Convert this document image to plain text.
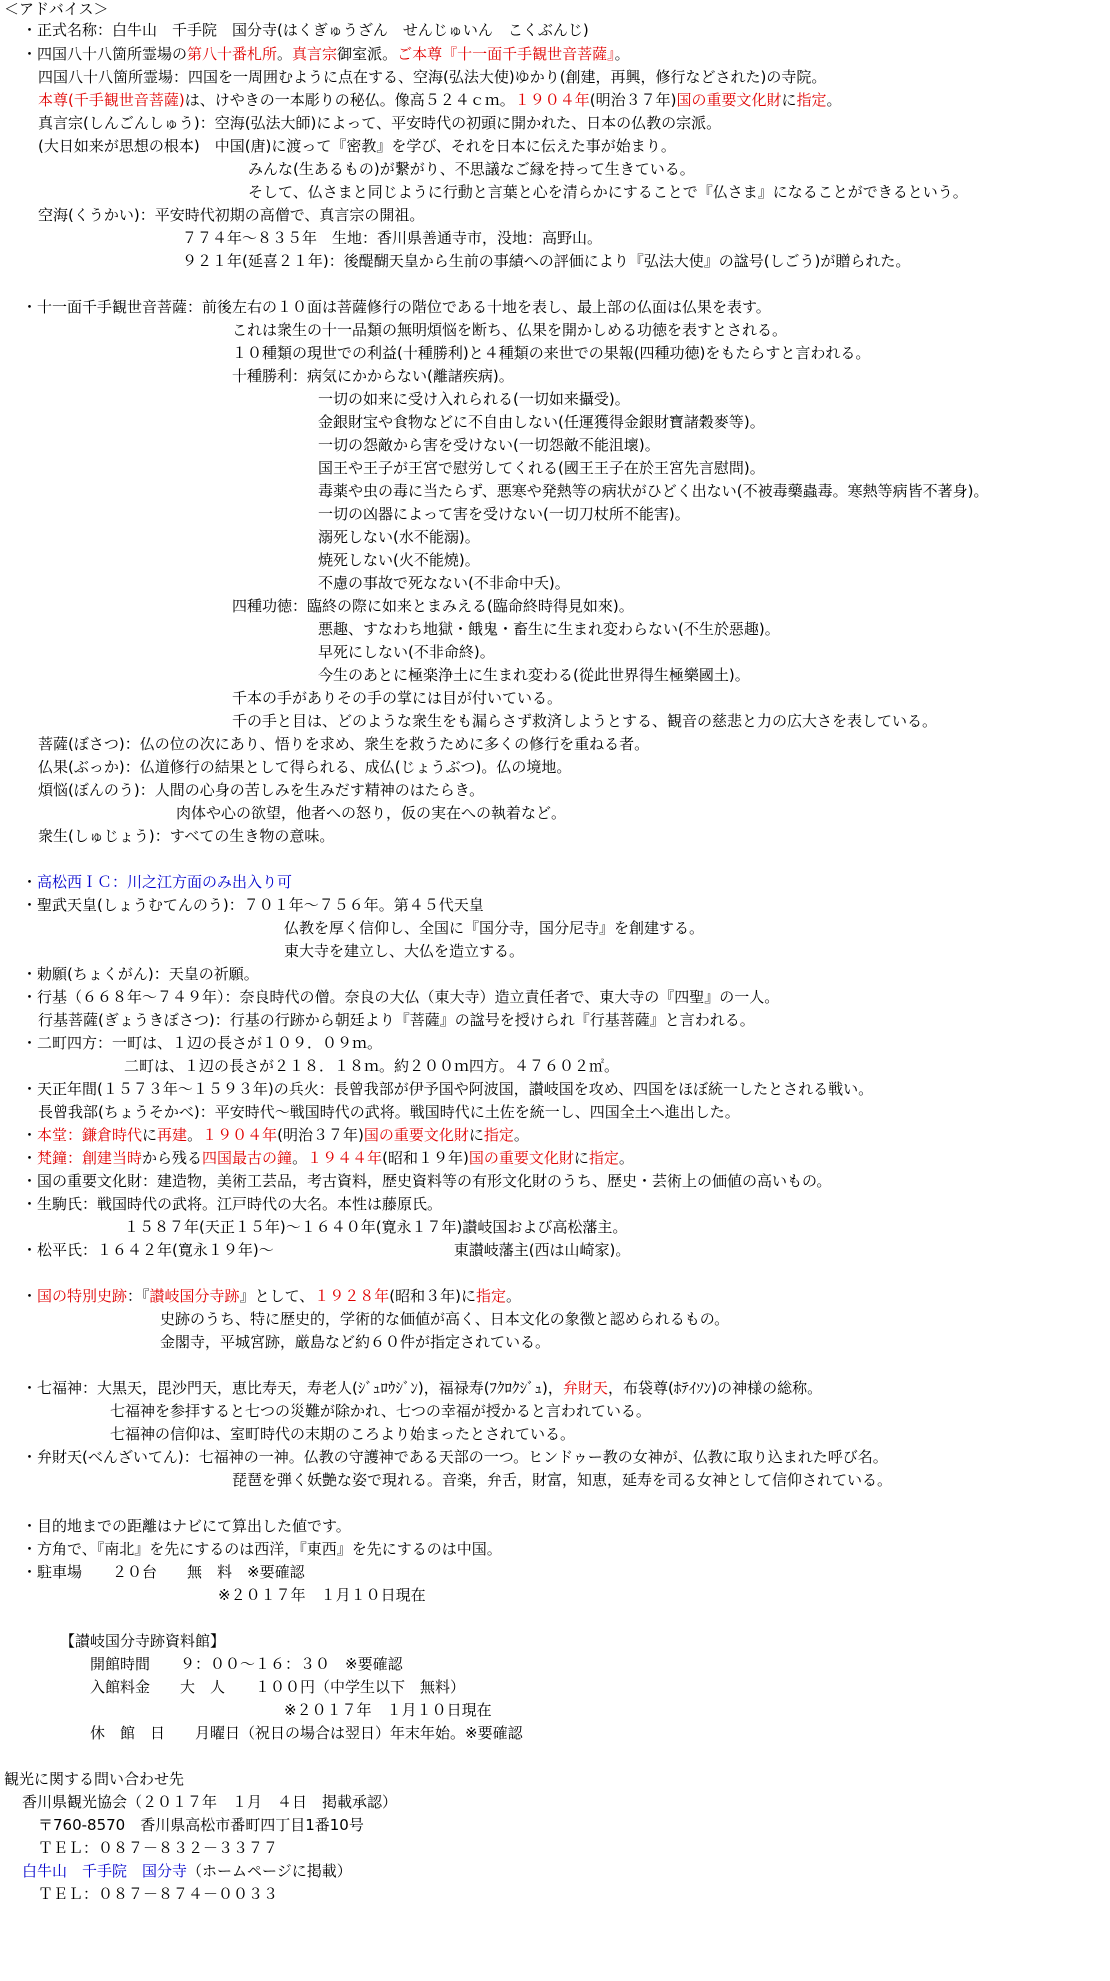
＜アドバイス＞
・正式名称：白牛山　千手院　国分寺(はくぎゅうざん　せんじゅいん　こくぶんじ)
・四国八十八箇所霊場の第八十番札所。真言宗御室派。ご本尊『十一面千手観世音菩薩』。
四国八十八箇所霊場：四国を一周囲むように点在する、空海(弘法大使)ゆかり(創建，再興，修行などされた)の寺院。
本尊(千手観世音菩薩)は、けやきの一本彫りの秘仏。像高５２４ｃｍ。１９０４年(明治３７年)国の重要文化財に指定。
真言宗(しんごんしゅう)：空海(弘法大師)によって、平安時代の初頭に開かれた、日本の仏教の宗派。
(大日如来が思想の根本)　中国(唐)に渡って『密教』を学び、それを日本に伝えた事が始まり。
みんな(生あるもの)が繋がり、不思議なご縁を持って生きている。
そして、仏さまと同じように行動と言葉と心を清らかにすることで『仏さま』になることができるという。
空海(くうかい)：平安時代初期の高僧で、真言宗の開祖。
７７４年～８３５年　生地：香川県善通寺市，没地：高野山。
９２１年(延喜２１年)：後醍醐天皇から生前の事績への評価により『弘法大使』の諡号(しごう)が贈られた。
・十一面千手観世音菩薩：前後左右の１０面は菩薩修行の階位である十地を表し、最上部の仏面は仏果を表す。
これは衆生の十一品類の無明煩悩を断ち、仏果を開かしめる功徳を表すとされる。
１０種類の現世での利益(十種勝利)と４種類の来世での果報(四種功徳)をもたらすと言われる。
十種勝利：病気にかからない(離諸疾病)。
一切の如来に受け入れられる(一切如来攝受)。
金銀財宝や食物などに不自由しない(任運獲得金銀財寶諸穀麥等)。
一切の怨敵から害を受けない(一切怨敵不能沮壞)。
国王や王子が王宮で慰労してくれる(國王王子在於王宮先言慰問)。
毒薬や虫の毒に当たらず、悪寒や発熱等の病状がひどく出ない(不被毒藥蟲毒。寒熱等病皆不著身)。
一切の凶器によって害を受けない(一切刀杖所不能害)。
溺死しない(水不能溺)。
焼死しない(火不能燒)。
不慮の事故で死なない(不非命中夭)。
四種功徳：臨終の際に如来とまみえる(臨命終時得見如來)。
悪趣、すなわち地獄・餓鬼・畜生に生まれ変わらない(不生於惡趣)。
早死にしない(不非命終)。
今生のあとに極楽浄土に生まれ変わる(從此世界得生極樂國土)。
千本の手がありその手の掌には目が付いている。
千の手と目は、どのような衆生をも漏らさず救済しようとする、観音の慈悲と力の広大さを表している。
菩薩(ぼさつ)：仏の位の次にあり、悟りを求め、衆生を救うために多くの修行を重ねる者。
仏果(ぶっか)：仏道修行の結果として得られる、成仏(じょうぶつ)。仏の境地。
煩悩(ぼんのう)：人間の心身の苦しみを生みだす精神のはたらき。
肉体や心の欲望，他者への怒り，仮の実在への執着など。
衆生(しゅじょう)：すべての生き物の意味。
・高松西ＩＣ：川之江方面のみ出入り可
・聖武天皇(しょうむてんのう)：７０１年～７５６年。第４５代天皇
仏教を厚く信仰し、全国に『国分寺，国分尼寺』を創建する。
東大寺を建立し、大仏を造立する。
・勅願(ちょくがん)：天皇の祈願。
・行基（６６８年～７４９年）：奈良時代の僧。奈良の大仏（東大寺）造立責任者で、東大寺の『四聖』の一人。
行基菩薩(ぎょうきぼさつ)：行基の行跡から朝廷より『菩薩』の諡号を授けられ『行基菩薩』と言われる。
・二町四方：一町は、１辺の長さが１０９．０９ｍ。
二町は、１辺の長さが２１８．１８ｍ。約２００ｍ四方。４７６０２㎡。
・天正年間(１５７３年～１５９３年)の兵火：長曾我部が伊予国や阿波国，讃岐国を攻め、四国をほぼ統一したとされる戦い。
長曾我部(ちょうそかべ)：平安時代～戦国時代の武将。戦国時代に土佐を統一し、四国全土へ進出した。
・本堂：鎌倉時代に再建。１９０４年(明治３７年)国の重要文化財に指定。
・梵鐘：創建当時から残る四国最古の鐘。１９４４年(昭和１９年)国の重要文化財に指定。
・国の重要文化財：建造物，美術工芸品，考古資料，歴史資料等の有形文化財のうち、歴史・芸術上の価値の高いもの。
・生駒氏：戦国時代の武将。江戸時代の大名。本性は藤原氏。
１５８７年(天正１５年)～１６４０年(寛永１７年)讃岐国および高松藩主。
・松平氏：１６４２年(寛永１９年)～　　　　　　　　　　　　東讃岐藩主(西は山崎家)。
・国の特別史跡：『讃岐国分寺跡』として、１９２８年(昭和３年)に指定。
史跡のうち、特に歴史的，学術的な価値が高く、日本文化の象徴と認められるもの。
金閣寺，平城宮跡，厳島など約６０件が指定されている。
・七福神：大黒天，毘沙門天，恵比寿天，寿老人(ｼﾞｭﾛｳｼﾞﾝ)，福禄寿(ﾌｸﾛｸｼﾞｭ)，弁財天，布袋尊(ﾎﾃｲｿﾝ)の神様の総称。
七福神を参拝すると七つの災難が除かれ、七つの幸福が授かると言われている。
七福神の信仰は、室町時代の末期のころより始まったとされている。
・弁財天(べんざいてん)：七福神の一神。仏教の守護神である天部の一つ。ヒンドゥー教の女神が、仏教に取り込まれた呼び名。
琵琶を弾く妖艶な姿で現れる。音楽，弁舌，財富，知恵，延寿を司る女神として信仰されている。
・目的地までの距離はナビにて算出した値です。
・方角で、『南北』を先にするのは西洋，『東西』を先にするのは中国。
・駐車場　　２０台　　無　料　※要確認
※２０１７年　１月１０日現在
【讃岐国分寺跡資料館】
開館時間　　９：００～１６：３０　※要確認
入館料金　　大　人　　１００円（中学生以下　無料）
※２０１７年　１月１０日現在
休　館　日　　月曜日（祝日の場合は翌日）年末年始。※要確認
観光に関する問い合わせ先
香川県観光協会（２０１７年　１月　４日　掲載承認）
〒760-8570　香川県高松市番町四丁目1番10号
ＴＥＬ：０８７－８３２－３３７７
白牛山　千手院　国分寺（ホームページに掲載）
ＴＥＬ：０８７－８７４－００３３
